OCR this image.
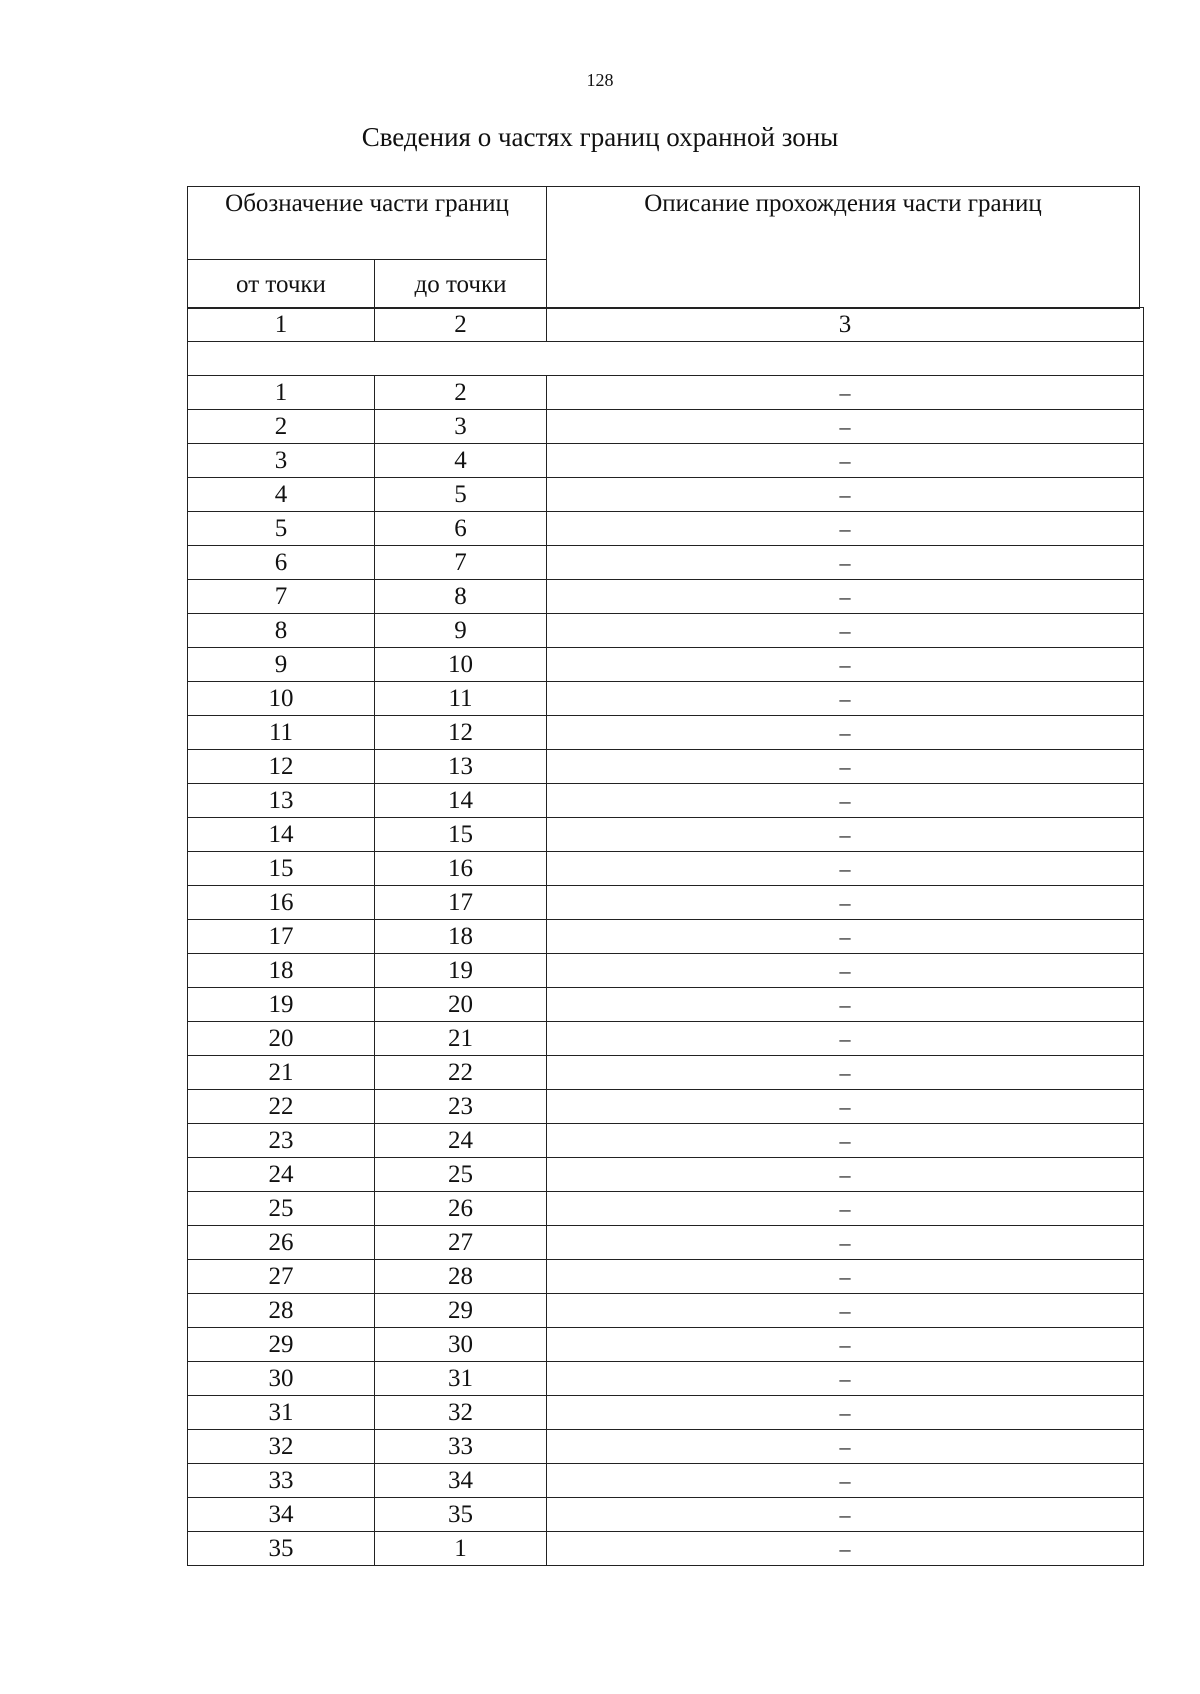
128
Сведения о частях границ охранной зоны
Обозначение части границ		Описание прохождения части границ
от точки	до точки	
1	2	3

1	2	–
2	3	–
3	4	–
4	5	–
5	6	–
6	7	–
7	8	–
8	9	–
9	10	–
10	11	–
11	12	–
12	13	–
13	14	–
14	15	–
15	16	–
16	17	–
17	18	–
18	19	–
19	20	–
20	21	–
21	22	–
22	23	–
23	24	–
24	25	–
25	26	–
26	27	–
27	28	–
28	29	–
29	30	–
30	31	–
31	32	–
32	33	–
33	34	–
34	35	–
35	1	–
